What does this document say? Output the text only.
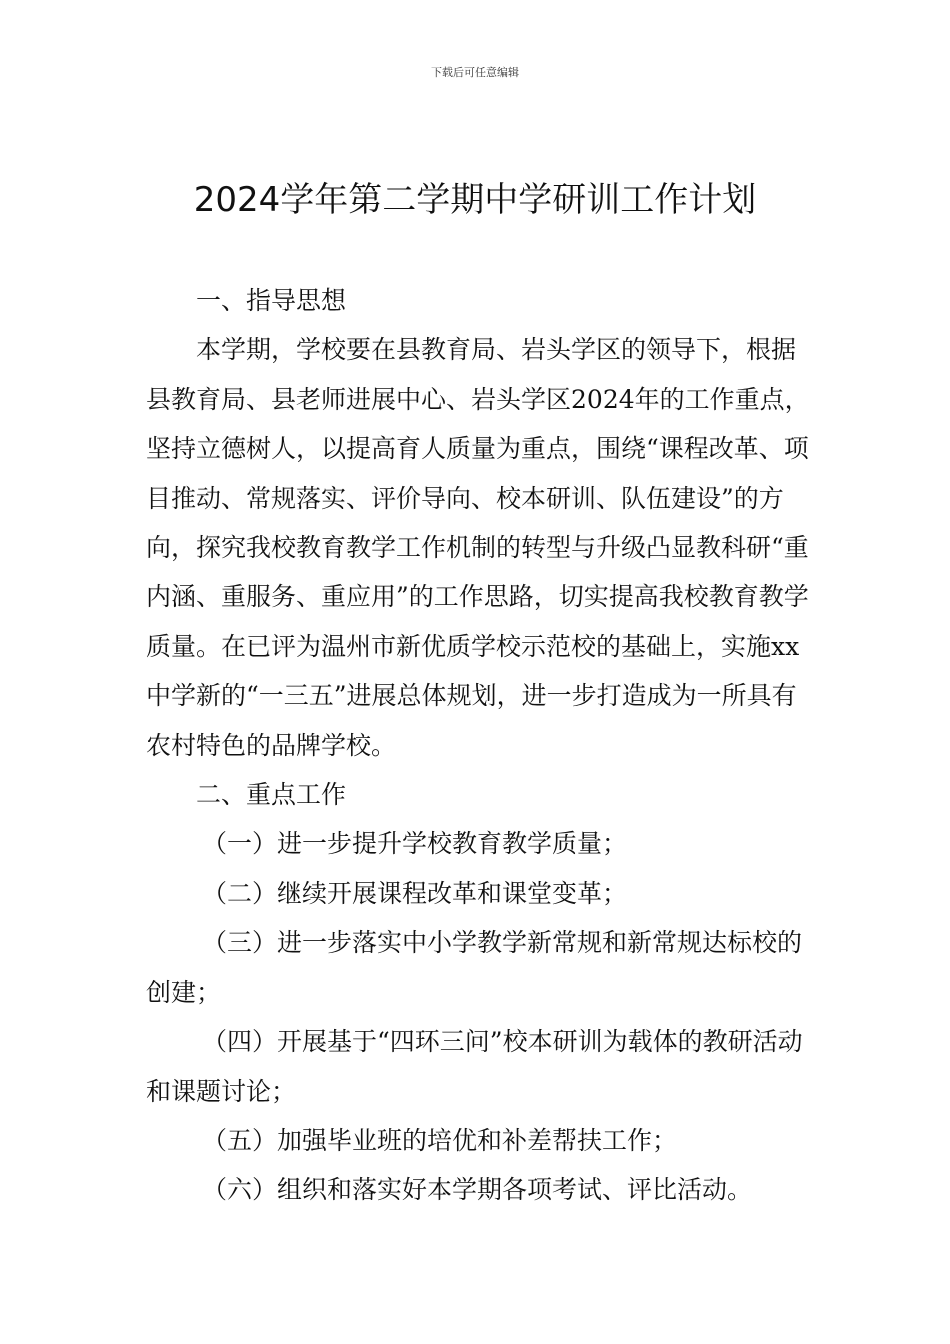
下载后可任意编辑
2024学年第二学期中学研训工作计划

一、指导思想

本学期，学校要在县教育局、岩头学区的领导下，根据县教育局、县老师进展中心、岩头学区2024年的工作重点，坚持立德树人，以提高育人质量为重点，围绕“课程改革、项目推动、常规落实、评价导向、校本研训、队伍建设”的方向，探究我校教育教学工作机制的转型与升级凸显教科研“重内涵、重服务、重应用”的工作思路，切实提高我校教育教学质量。在已评为温州市新优质学校示范校的基础上，实施xx中学新的“一三五”进展总体规划，进一步打造成为一所具有农村特色的品牌学校。

二、重点工作

（一）进一步提升学校教育教学质量；

（二）继续开展课程改革和课堂变革；

（三）进一步落实中小学教学新常规和新常规达标校的创建；

（四）开展基于“四环三问”校本研训为载体的教研活动和课题讨论；

（五）加强毕业班的培优和补差帮扶工作；

（六）组织和落实好本学期各项考试、评比活动。
